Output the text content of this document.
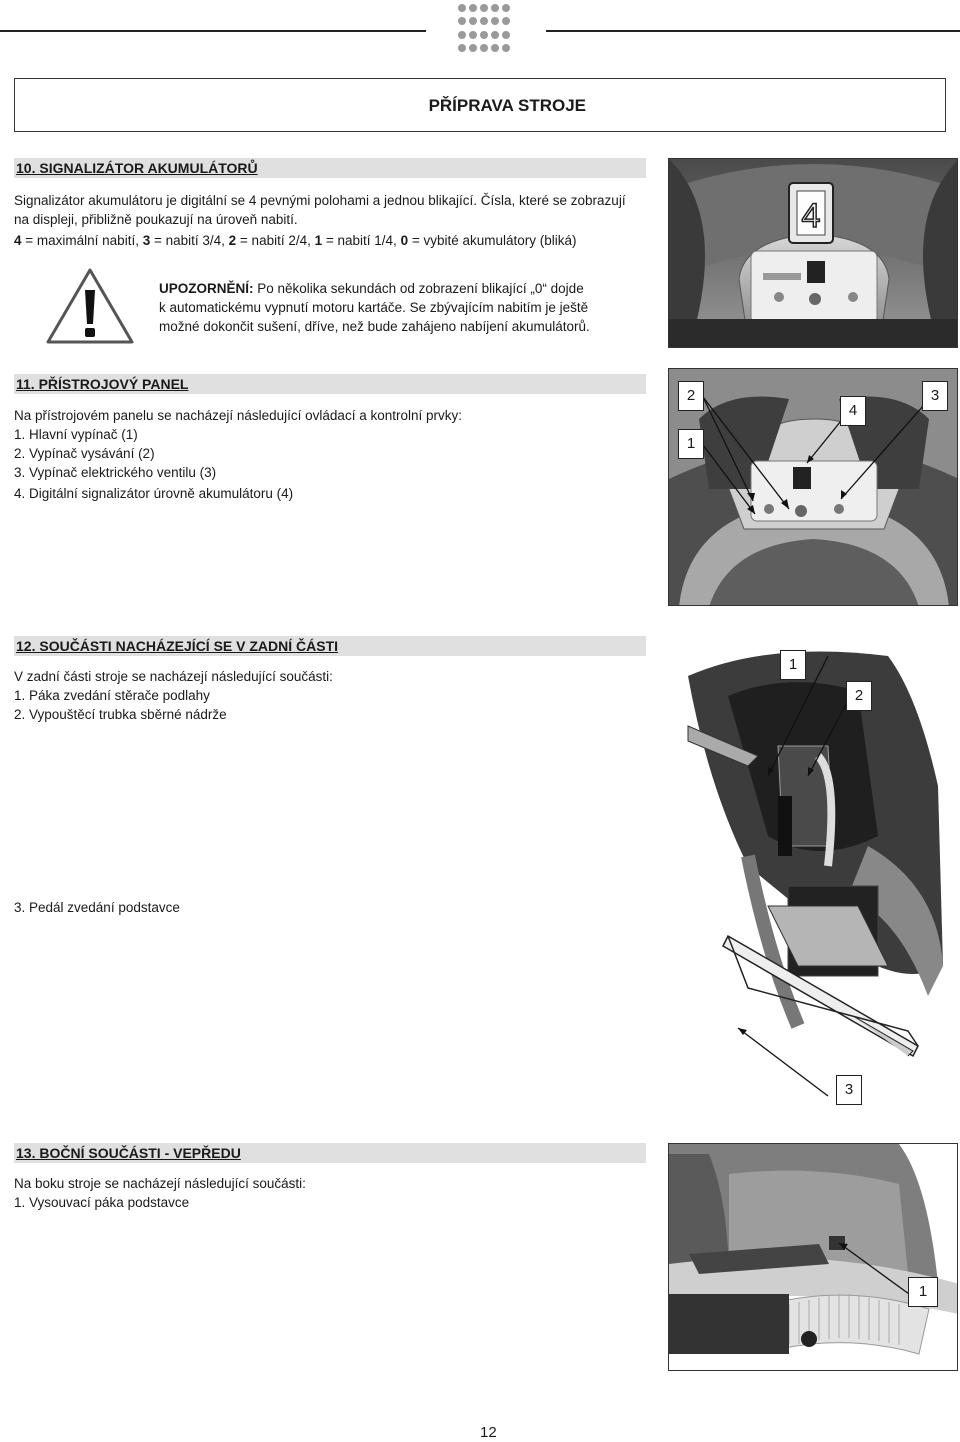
PŘÍPRAVA STROJE
10. SIGNALIZÁTOR AKUMULÁTORŮ
Signalizátor akumulátoru je digitální se 4 pevnými polohami a jednou blikající. Čísla, které se zobrazují
na displeji, přibližně poukazují na úroveň nabití.
4 = maximální nabití, 3 = nabití 3/4, 2 = nabití 2/4, 1 = nabití 1/4, 0 = vybité akumulátory (bliká)
UPOZORNĚNÍ: Po několika sekundách od zobrazení blikající „0“ dojde
k automatickému vypnutí motoru kartáče. Se zbývajícím nabitím je ještě
možné dokončit sušení, dříve, než bude zahájeno nabíjení akumulátorů.
4
11. PŘÍSTROJOVÝ PANEL
Na přístrojovém panelu se nacházejí následující ovládací a kontrolní prvky:
1. Hlavní vypínač (1)
2. Vypínač vysávání (2)
3. Vypínač elektrického ventilu (3)
4. Digitální signalizátor úrovně akumulátoru (4)
2
1
4
3
12. SOUČÁSTI NACHÁZEJÍCÍ SE V ZADNÍ ČÁSTI
V zadní části stroje se nacházejí následující součásti:
1. Páka zvedání stěrače podlahy
2. Vypouštěcí trubka sběrné nádrže
3. Pedál zvedání podstavce
1
2
3
13. BOČNÍ SOUČÁSTI - VEPŘEDU
Na boku stroje se nacházejí následující součásti:
1. Vysouvací páka podstavce
1
12
